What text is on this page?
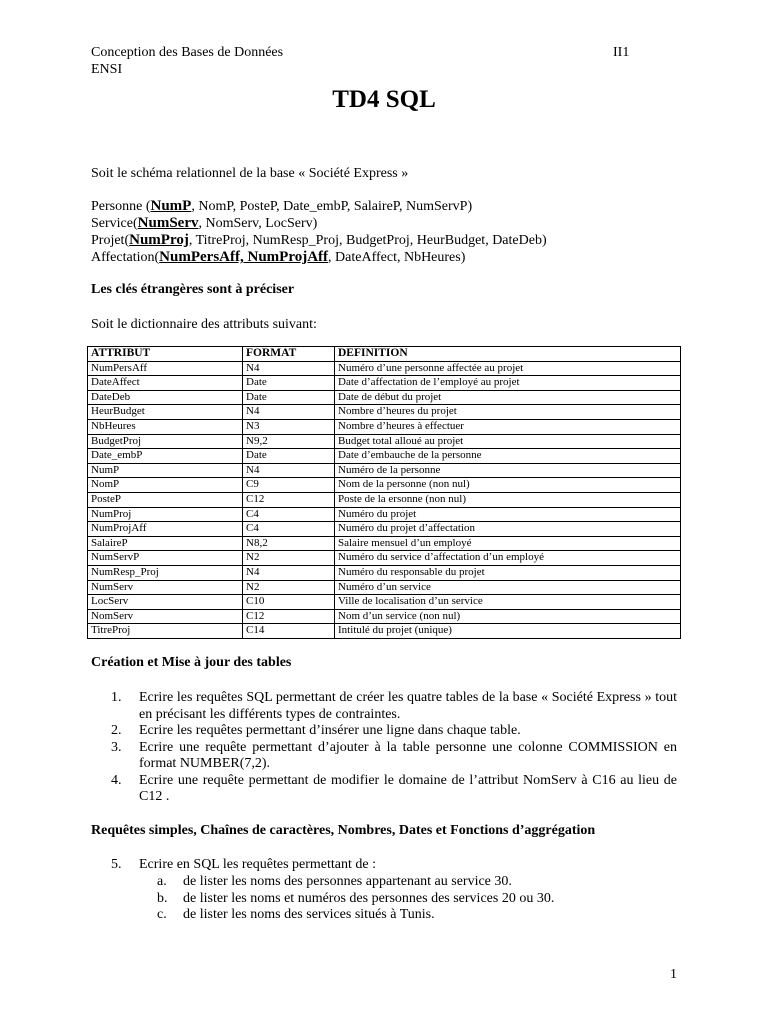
Conception des Bases de Données
ENSI
II1
TD4 SQL
Soit le schéma relationnel de la base « Société Express »
Personne (NumP, NomP, PosteP, Date_embP, SalaireP, NumServP)
Service(NumServ, NomServ, LocServ)
Projet(NumProj, TitreProj, NumResp_Proj, BudgetProj, HeurBudget, DateDeb)
Affectation(NumPersAff, NumProjAff, DateAffect, NbHeures)
Les clés étrangères sont à préciser
Soit le dictionnaire des attributs suivant:
ATTRIBUT	FORMAT	DEFINITION
NumPersAff	N4	Numéro d’une personne affectée au projet
DateAffect	Date	Date d’affectation de l’employé au projet
DateDeb	Date	Date de début du projet
HeurBudget	N4	Nombre d’heures du projet
NbHeures	N3	Nombre d’heures à effectuer
BudgetProj	N9,2	Budget total alloué au projet
Date_embP	Date	Date d’embauche de la personne
NumP	N4	Numéro de la personne
NomP	C9	Nom de la personne (non nul)
PosteP	C12	Poste de la ersonne (non nul)
NumProj	C4	Numéro du projet
NumProjAff	C4	Numéro du projet d’affectation
SalaireP	N8,2	Salaire mensuel d’un employé
NumServP	N2	Numéro du service d’affectation d’un employé
NumResp_Proj	N4	Numéro du responsable du projet
NumServ	N2	Numéro d’un service
LocServ	C10	Ville de localisation d’un service
NomServ	C12	Nom d’un service (non nul)
TitreProj	C14	Intitulé du projet (unique)
Création et Mise à jour des tables
1. Ecrire les requêtes SQL permettant de créer les quatre tables de la base « Société Express » tout en précisant les différents types de contraintes.
2. Ecrire les requêtes permettant d’insérer une ligne dans chaque table.
3. Ecrire une requête permettant d’ajouter à la table personne une colonne COMMISSION en format NUMBER(7,2).
4. Ecrire une requête permettant de modifier le domaine de l’attribut NomServ à C16 au lieu de C12 .
Requêtes simples, Chaînes de caractères, Nombres, Dates et Fonctions d’aggrégation
5. Ecrire en SQL les requêtes permettant de :
a. de lister les noms des personnes appartenant au service 30.
b. de lister les noms et numéros des personnes des services 20 ou 30.
c. de lister les noms des services situés à Tunis.
1
